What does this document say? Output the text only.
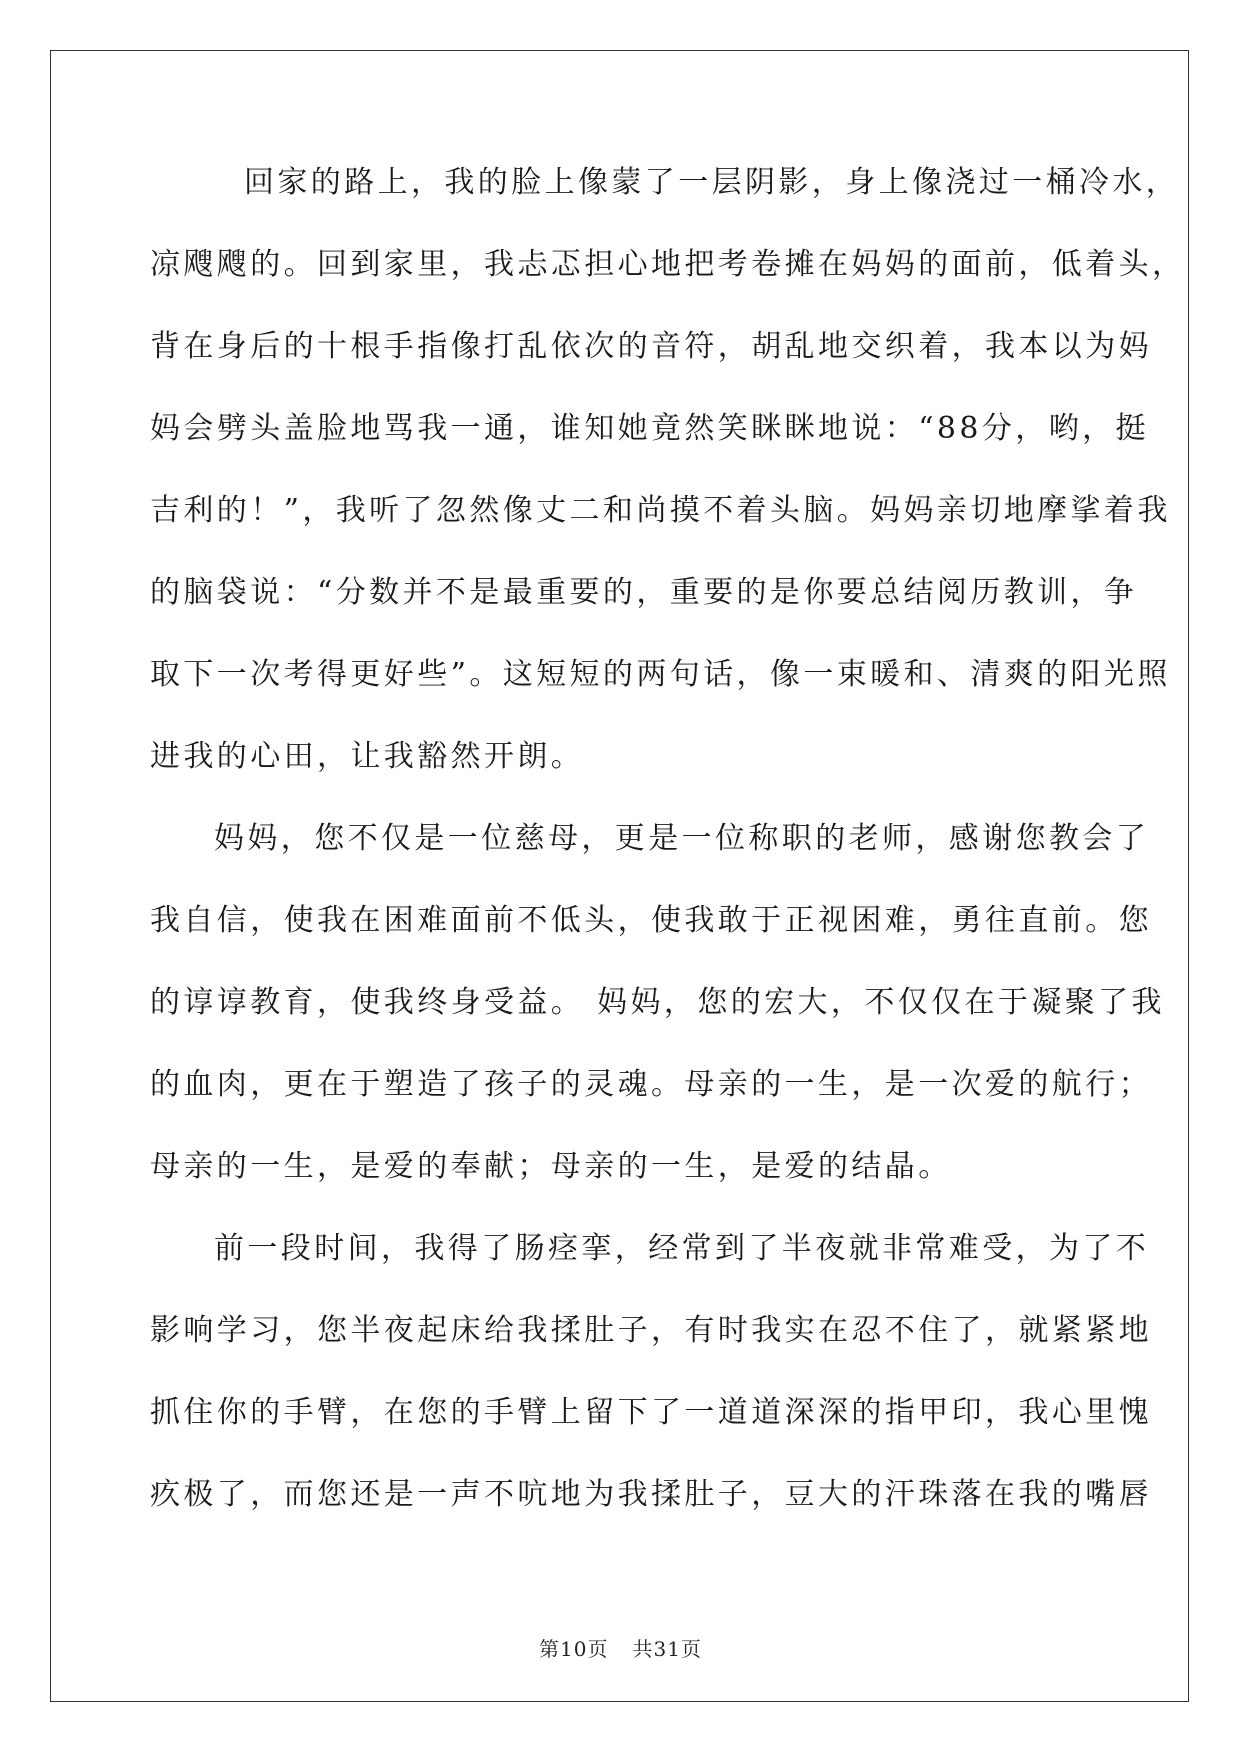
回家的路上，我的脸上像蒙了一层阴影，身上像浇过一桶冷水，
凉飕飕的。回到家里，我忐忑担心地把考卷摊在妈妈的面前，低着头，
背在身后的十根手指像打乱依次的音符，胡乱地交织着，我本以为妈
妈会劈头盖脸地骂我一通，谁知她竟然笑眯眯地说：“88分，哟，挺
吉利的！”，我听了忽然像丈二和尚摸不着头脑。妈妈亲切地摩挲着我
的脑袋说：“分数并不是最重要的，重要的是你要总结阅历教训，争
取下一次考得更好些”。这短短的两句话，像一束暖和、清爽的阳光照
进我的心田，让我豁然开朗。
妈妈，您不仅是一位慈母，更是一位称职的老师，感谢您教会了
我自信，使我在困难面前不低头，使我敢于正视困难，勇往直前。您
的谆谆教育，使我终身受益。 妈妈，您的宏大，不仅仅在于凝聚了我
的血肉，更在于塑造了孩子的灵魂。母亲的一生，是一次爱的航行；
母亲的一生，是爱的奉献；母亲的一生，是爱的结晶。
前一段时间，我得了肠痉挛，经常到了半夜就非常难受，为了不
影响学习，您半夜起床给我揉肚子，有时我实在忍不住了，就紧紧地
抓住你的手臂，在您的手臂上留下了一道道深深的指甲印，我心里愧
疚极了，而您还是一声不吭地为我揉肚子，豆大的汗珠落在我的嘴唇
第10页 共31页
